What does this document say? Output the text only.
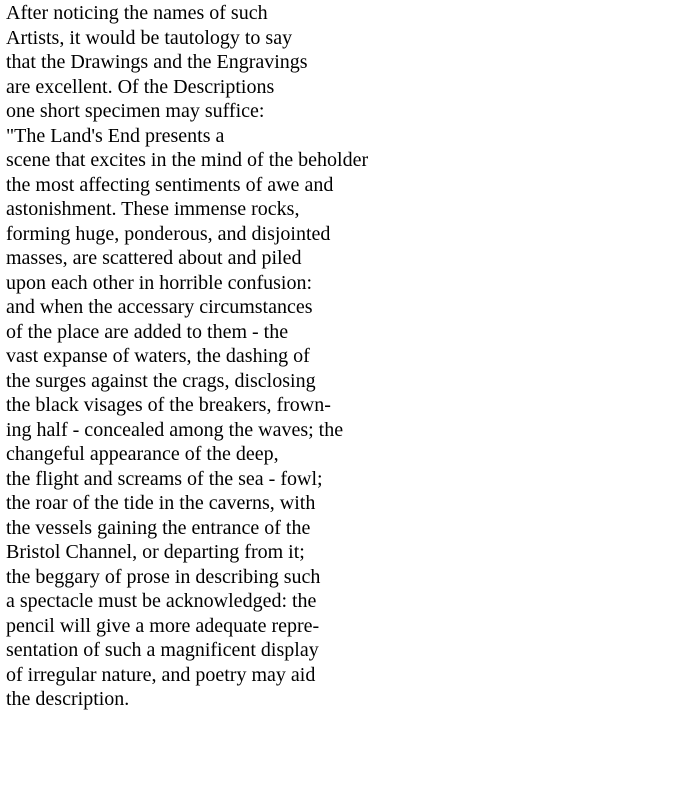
After noticing the names of such
Artists, it would be tautology to say
that the Drawings and the Engravings
are excellent. Of the Descriptions
one short specimen may suffice:
"The Land's End presents a
scene that excites in the mind of the beholder
the most affecting sentiments of awe and
astonishment. These immense rocks,
forming huge, ponderous, and disjointed
masses, are scattered about and piled
upon each other in horrible confusion:
and when the accessary circumstances
of the place are added to them - the
vast expanse of waters, the dashing of
the surges against the crags, disclosing
the black visages of the breakers, frown-
ing half - concealed among the waves; the
changeful appearance of the deep,
the flight and screams of the sea - fowl;
the roar of the tide in the caverns, with
the vessels gaining the entrance of the
Bristol Channel, or departing from it;
the beggary of prose in describing such
a spectacle must be acknowledged: the
pencil will give a more adequate repre-
sentation of such a magnificent display
of irregular nature, and poetry may aid
the description.
